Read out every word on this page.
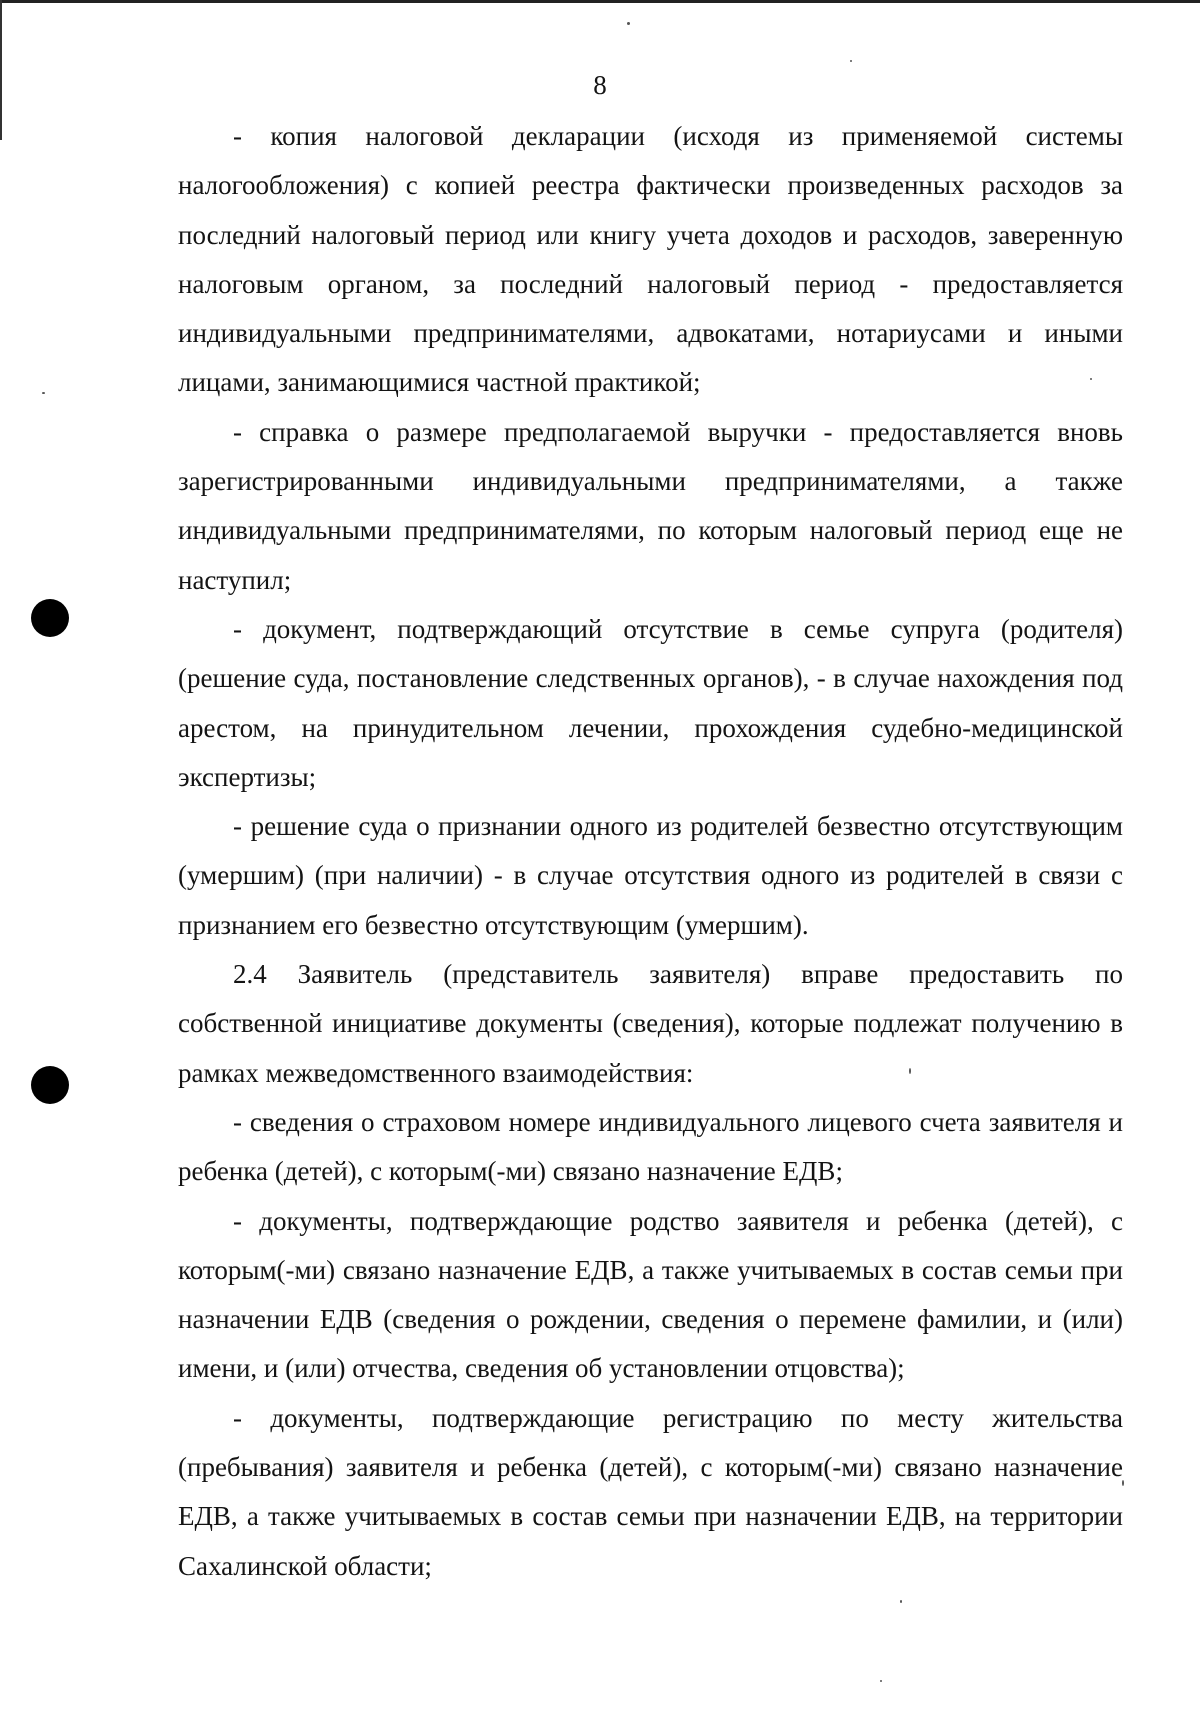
8

- копия налоговой декларации (исходя из применяемой системы налогообложения) с копией реестра фактически произведенных расходов за последний налоговый период или книгу учета доходов и расходов, заверенную налоговым органом, за последний налоговый период - предоставляется индивидуальными предпринимателями, адвокатами, нотариусами и иными лицами, занимающимися частной практикой;

- справка о размере предполагаемой выручки - предоставляется вновь зарегистрированными индивидуальными предпринимателями, а также индивидуальными предпринимателями, по которым налоговый период еще не наступил;

- документ, подтверждающий отсутствие в семье супруга (родителя) (решение суда, постановление следственных органов), - в случае нахождения под арестом, на принудительном лечении, прохождения судебно-медицинской экспертизы;

- решение суда о признании одного из родителей безвестно отсутствующим (умершим) (при наличии) - в случае отсутствия одного из родителей в связи с признанием его безвестно отсутствующим (умершим).

2.4 Заявитель (представитель заявителя) вправе предоставить по собственной инициативе документы (сведения), которые подлежат получению в рамках межведомственного взаимодействия:

- сведения о страховом номере индивидуального лицевого счета заявителя и ребенка (детей), с которым(-ми) связано назначение ЕДВ;

- документы, подтверждающие родство заявителя и ребенка (детей), с которым(-ми) связано назначение ЕДВ, а также учитываемых в состав семьи при назначении ЕДВ (сведения о рождении, сведения о перемене фамилии, и (или) имени, и (или) отчества, сведения об установлении отцовства);

- документы, подтверждающие регистрацию по месту жительства (пребывания) заявителя и ребенка (детей), с которым(-ми) связано назначение ЕДВ, а также учитываемых в состав семьи при назначении ЕДВ, на территории Сахалинской области;
